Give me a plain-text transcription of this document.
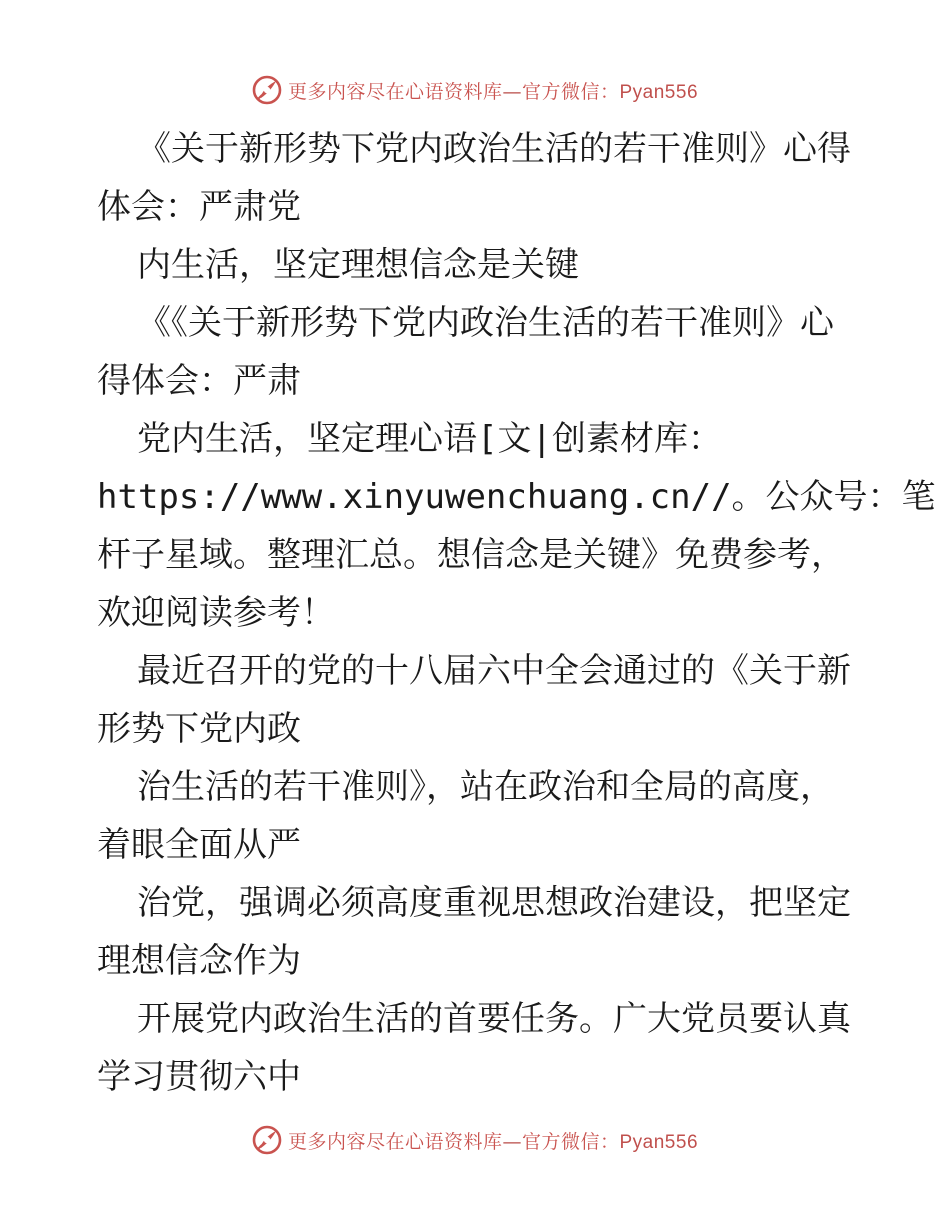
更多内容尽在心语资料库—官方微信：Pyan556
《关于新形势下党内政治生活的若干准则》心得
体会：严肃党
内生活，坚定理想信念是关键
《《关于新形势下党内政治生活的若干准则》心
得体会：严肃
党内生活，坚定理心语[文|创素材库：
https://www.xinyuwenchuang.cn//。公众号：笔
杆子星域。整理汇总。想信念是关键》免费参考，
欢迎阅读参考！
最近召开的党的十八届六中全会通过的《关于新
形势下党内政
治生活的若干准则》，站在政治和全局的高度，
着眼全面从严
治党，强调必须高度重视思想政治建设，把坚定
理想信念作为
开展党内政治生活的首要任务。广大党员要认真
学习贯彻六中
更多内容尽在心语资料库—官方微信：Pyan556
